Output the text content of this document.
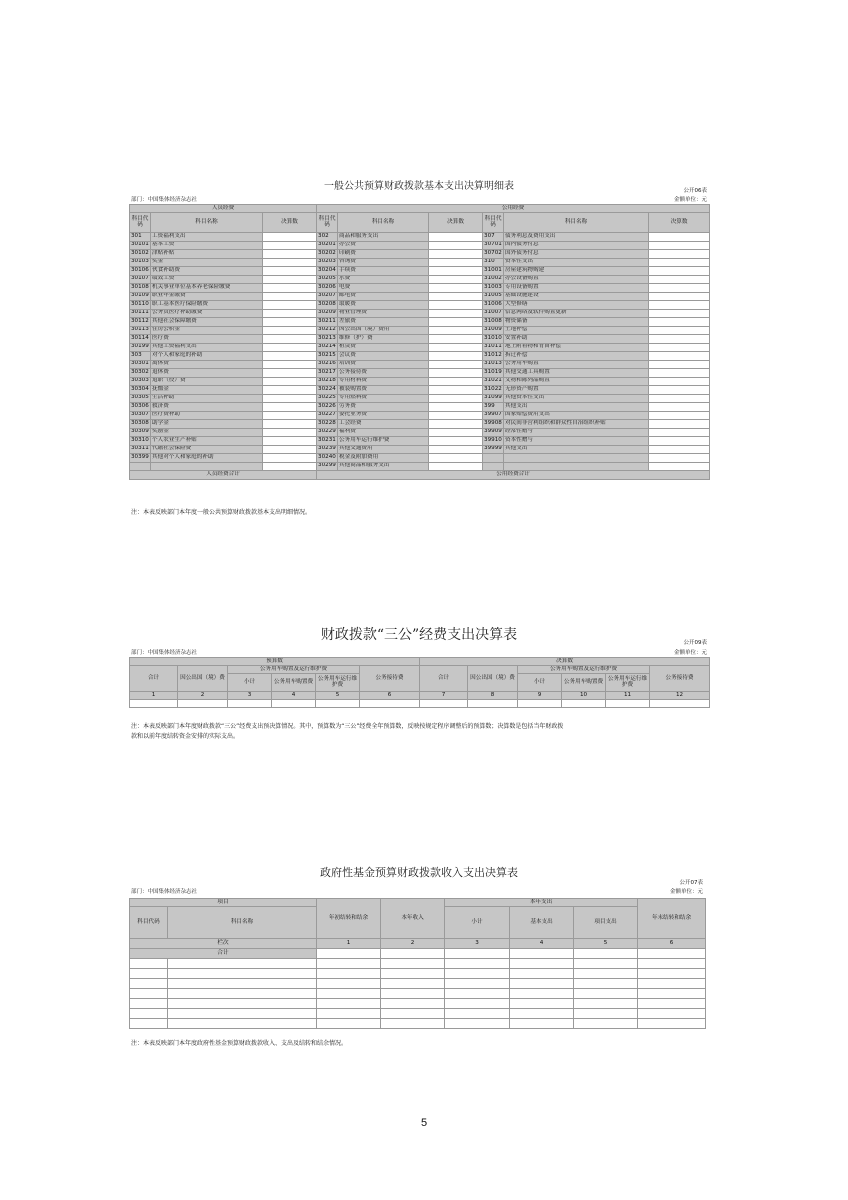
一般公共预算财政拨款基本支出决算明细表	公开06表
部门：中国集体经济杂志社	金额单位：元
人员经费			公用经费					
科目代码	科目名称	决算数	科目代码	科目名称	决算数	科目代码	科目名称	决算数
301	工资福利支出		302	商品和服务支出		307	债务利息及费用支出	
30101	基本工资		30201	办公费		30701	国内债务付息	
30102	津贴补贴		30202	印刷费		30702	国外债务付息	
30103	奖金		30203	咨询费		310	资本性支出	
30106	伙食补助费		30204	手续费		31001	房屋建筑物购建	
30107	绩效工资		30205	水费		31002	办公设备购置	
30108	机关事业单位基本养老保险缴费		30206	电费		31003	专用设备购置	
30109	职业年金缴费		30207	邮电费		31005	基础设施建设	
30110	职工基本医疗保险缴费		30208	取暖费		31006	大型修缮	
30111	公务员医疗补助缴费		30209	物业管理费		31007	信息网络及软件购置更新	
30112	其他社会保障缴费		30211	差旅费		31008	物资储备	
30113	住房公积金		30212	因公出国（境）费用		31009	土地补偿	
30114	医疗费		30213	维修（护）费		31010	安置补助	
30199	其他工资福利支出		30214	租赁费		31011	地上附着物和青苗补偿	
303	对个人和家庭的补助		30215	会议费		31012	拆迁补偿	
30301	离休费		30216	培训费		31013	公务用车购置	
30302	退休费		30217	公务接待费		31019	其他交通工具购置	
30303	退职（役）费		30218	专用材料费		31021	文物和陈列品购置	
30304	抚恤金		30224	被装购置费		31022	无形资产购置	
30305	生活补助		30225	专用燃料费		31099	其他资本性支出	
30306	救济费		30226	劳务费		399	其他支出	
30307	医疗费补助		30227	委托业务费		39907	国家赔偿费用支出	
30308	助学金		30228	工会经费		39908	对民间非营利组织和群众性自治组织补贴	
30309	奖励金		30229	福利费		39909	经常性赠与	
30310	个人农业生产补贴		30231	公务用车运行维护费		39910	资本性赠与	
30311	代缴社会保险费		30239	其他交通费用		39999	其他支出	
30399	其他对个人和家庭的补助		30240	税金及附加费用				
			30299	其他商品和服务支出				
人员经费合计			公用经费合计					
注：本表反映部门本年度一般公共预算财政拨款基本支出明细情况。
财政拨款“三公”经费支出决算表	公开09表
部门：中国集体经济杂志社	金额单位：元
预算数						决算数					
合计	因公出国（境）费	公务用车购置及运行维护费			公务接待费	合计	因公出国（境）费	公务用车购置及运行维护费			公务接待费
		小计	公务用车购置费	公务用车运行维护费				小计	公务用车购置费	公务用车运行维护费	
1	2	3	4	5	6	7	8	9	10	11	12

注：本表反映部门本年度财政拨款“三公”经费支出预决算情况。其中，预算数为“三公”经费全年预算数，反映按规定程序调整后的预算数；决算数是包括当年财政拨
款和以前年度结转资金安排的实际支出。
政府性基金预算财政拨款收入支出决算表
公开07表
部门：中国集体经济杂志社	金额单位：元
项目		年初结转和结余	本年收入	本年支出			年末结转和结余
科目代码	科目名称			小计	基本支出	项目支出	
栏次		1	2	3	4	5	6
合计							

注：本表反映部门本年度政府性基金预算财政拨款收入、支出及结转和结余情况。
5
